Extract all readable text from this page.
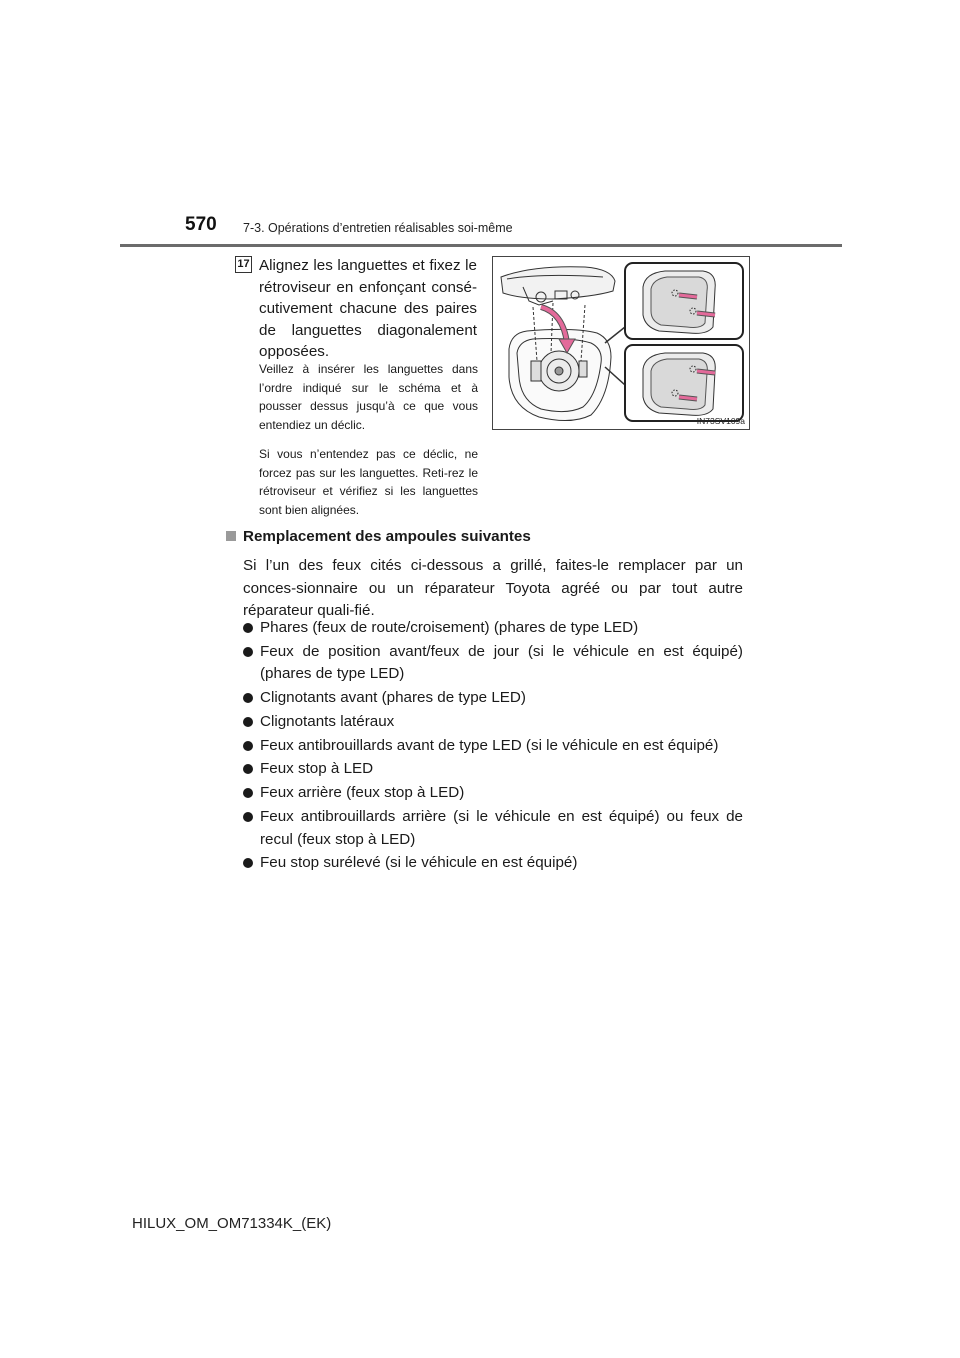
570 7-3. Opérations d’entretien réalisables soi-même
17 Alignez les languettes et fixez le rétroviseur en enfonçant consé-cutivement chacune des paires de languettes diagonalement opposées.

Veillez à insérer les languettes dans l’ordre indiqué sur le schéma et à pousser dessus jusqu’à ce que vous entendiez un déclic.

Si vous n’entendez pas ce déclic, ne forcez pas sur les languettes. Reti-rez le rétroviseur et vérifiez si les languettes sont bien alignées.

IN73SV109a
Remplacement des ampoules suivantes

Si l’un des feux cités ci-dessous a grillé, faites-le remplacer par un conces-sionnaire ou un réparateur Toyota agréé ou par tout autre réparateur quali-fié.

Phares (feux de route/croisement) (phares de type LED)
Feux de position avant/feux de jour (si le véhicule en est équipé) (phares de type LED)
Clignotants avant (phares de type LED)
Clignotants latéraux
Feux antibrouillards avant de type LED (si le véhicule en est équipé)
Feux stop à LED
Feux arrière (feux stop à LED)
Feux antibrouillards arrière (si le véhicule en est équipé) ou feux de recul (feux stop à LED)
Feu stop surélevé (si le véhicule en est équipé)
HILUX_OM_OM71334K_(EK)
